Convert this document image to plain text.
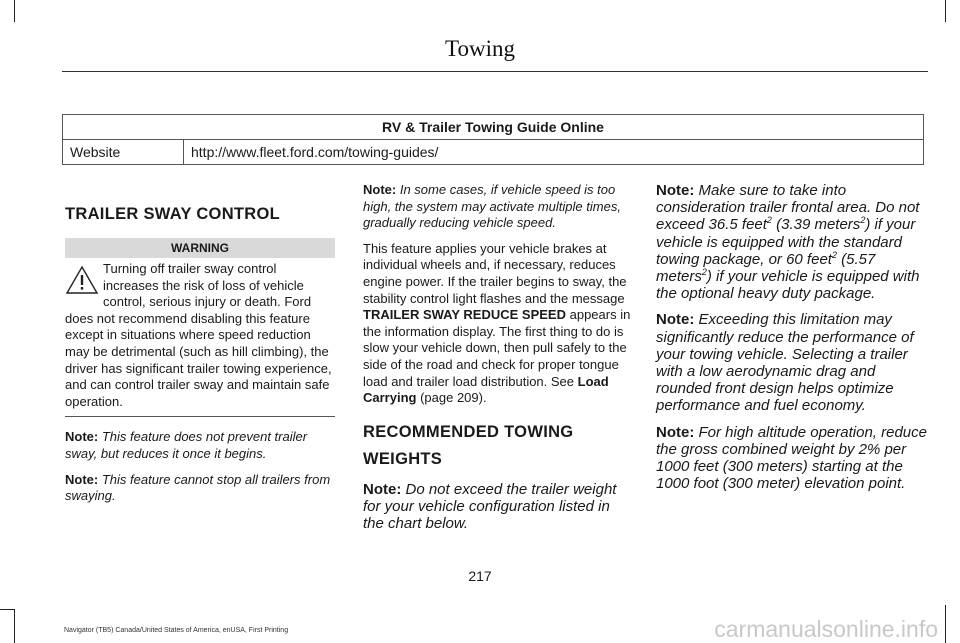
Towing
RV & Trailer Towing Guide Online
Website	http://www.fleet.ford.com/towing-guides/
TRAILER SWAY CONTROL
WARNING
Turning off trailer sway control increases the risk of loss of vehicle control, serious injury or death. Ford does not recommend disabling this feature except in situations where speed reduction may be detrimental (such as hill climbing), the driver has significant trailer towing experience, and can control trailer sway and maintain safe operation.

Note: This feature does not prevent trailer sway, but reduces it once it begins.

Note: This feature cannot stop all trailers from swaying.

Note: In some cases, if vehicle speed is too high, the system may activate multiple times, gradually reducing vehicle speed.

This feature applies your vehicle brakes at individual wheels and, if necessary, reduces engine power. If the trailer begins to sway, the stability control light flashes and the message TRAILER SWAY REDUCE SPEED appears in the information display. The first thing to do is slow your vehicle down, then pull safely to the side of the road and check for proper tongue load and trailer load distribution. See Load Carrying (page 209).

RECOMMENDED TOWING
WEIGHTS
Note: Do not exceed the trailer weight for your vehicle configuration listed in the chart below.

Note: Make sure to take into consideration trailer frontal area. Do not exceed 36.5 feet$^2$ (3.39 meters$^2$) if your vehicle is equipped with the standard towing package, or 60 feet$^2$ (5.57 meters$^2$) if your vehicle is equipped with the optional heavy duty package.

Note: Exceeding this limitation may significantly reduce the performance of your towing vehicle. Selecting a trailer with a low aerodynamic drag and rounded front design helps optimize performance and fuel economy.

Note: For high altitude operation, reduce the gross combined weight by 2% per 1000 feet (300 meters) starting at the 1000 foot (300 meter) elevation point.

217
Navigator (TB5) Canada/United States of America, enUSA, First Printing	carmanualsonline.info
